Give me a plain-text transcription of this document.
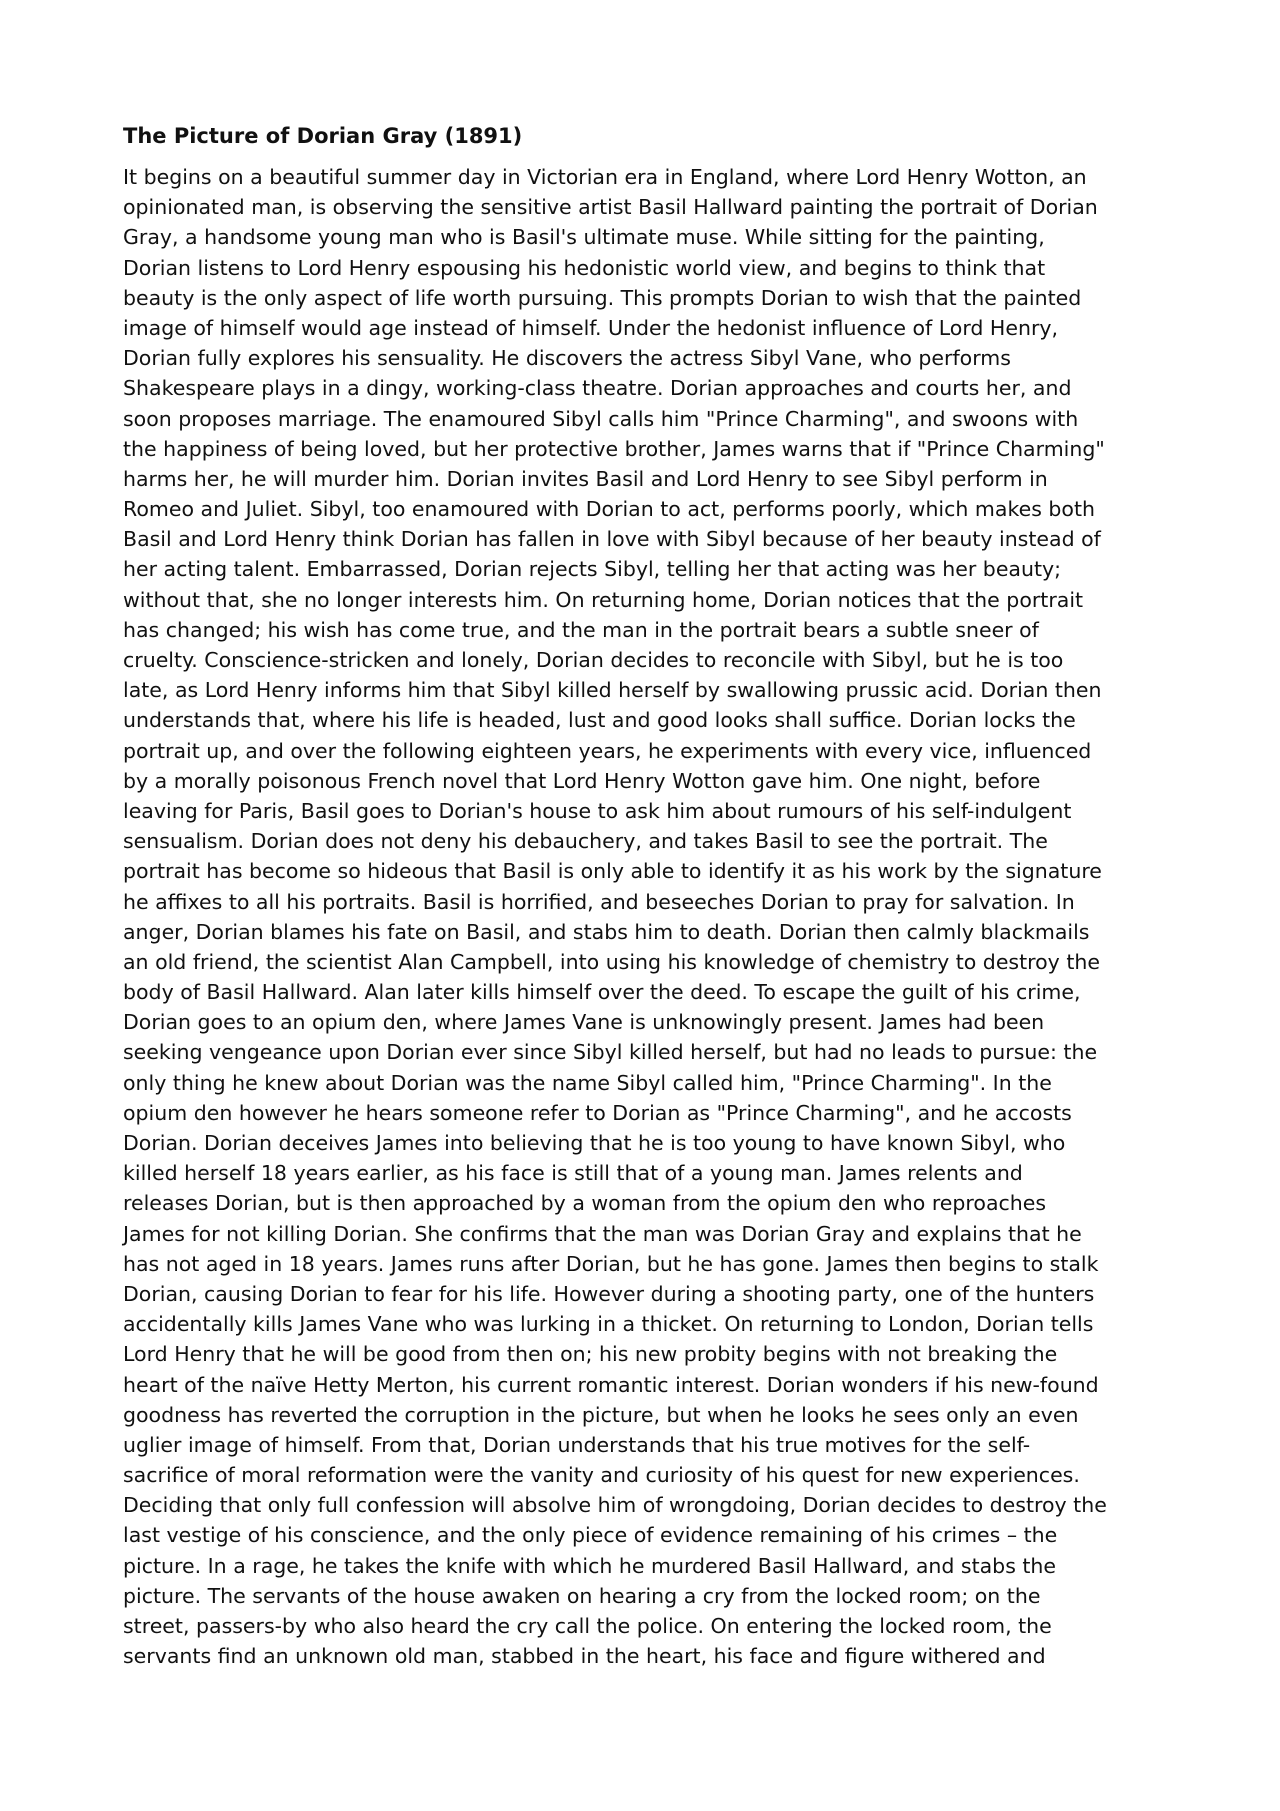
The Picture of Dorian Gray (1891)
It begins on a beautiful summer day in Victorian era in England, where Lord Henry Wotton, an
opinionated man, is observing the sensitive artist Basil Hallward painting the portrait of Dorian
Gray, a handsome young man who is Basil's ultimate muse. While sitting for the painting,
Dorian listens to Lord Henry espousing his hedonistic world view, and begins to think that
beauty is the only aspect of life worth pursuing. This prompts Dorian to wish that the painted
image of himself would age instead of himself. Under the hedonist influence of Lord Henry,
Dorian fully explores his sensuality. He discovers the actress Sibyl Vane, who performs
Shakespeare plays in a dingy, working-class theatre. Dorian approaches and courts her, and
soon proposes marriage. The enamoured Sibyl calls him "Prince Charming", and swoons with
the happiness of being loved, but her protective brother, James warns that if "Prince Charming"
harms her, he will murder him. Dorian invites Basil and Lord Henry to see Sibyl perform in
Romeo and Juliet. Sibyl, too enamoured with Dorian to act, performs poorly, which makes both
Basil and Lord Henry think Dorian has fallen in love with Sibyl because of her beauty instead of
her acting talent. Embarrassed, Dorian rejects Sibyl, telling her that acting was her beauty;
without that, she no longer interests him. On returning home, Dorian notices that the portrait
has changed; his wish has come true, and the man in the portrait bears a subtle sneer of
cruelty. Conscience-stricken and lonely, Dorian decides to reconcile with Sibyl, but he is too
late, as Lord Henry informs him that Sibyl killed herself by swallowing prussic acid. Dorian then
understands that, where his life is headed, lust and good looks shall suffice. Dorian locks the
portrait up, and over the following eighteen years, he experiments with every vice, influenced
by a morally poisonous French novel that Lord Henry Wotton gave him. One night, before
leaving for Paris, Basil goes to Dorian's house to ask him about rumours of his self-indulgent
sensualism. Dorian does not deny his debauchery, and takes Basil to see the portrait. The
portrait has become so hideous that Basil is only able to identify it as his work by the signature
he affixes to all his portraits. Basil is horrified, and beseeches Dorian to pray for salvation. In
anger, Dorian blames his fate on Basil, and stabs him to death. Dorian then calmly blackmails
an old friend, the scientist Alan Campbell, into using his knowledge of chemistry to destroy the
body of Basil Hallward. Alan later kills himself over the deed. To escape the guilt of his crime,
Dorian goes to an opium den, where James Vane is unknowingly present. James had been
seeking vengeance upon Dorian ever since Sibyl killed herself, but had no leads to pursue: the
only thing he knew about Dorian was the name Sibyl called him, "Prince Charming". In the
opium den however he hears someone refer to Dorian as "Prince Charming", and he accosts
Dorian. Dorian deceives James into believing that he is too young to have known Sibyl, who
killed herself 18 years earlier, as his face is still that of a young man. James relents and
releases Dorian, but is then approached by a woman from the opium den who reproaches
James for not killing Dorian. She confirms that the man was Dorian Gray and explains that he
has not aged in 18 years. James runs after Dorian, but he has gone. James then begins to stalk
Dorian, causing Dorian to fear for his life. However during a shooting party, one of the hunters
accidentally kills James Vane who was lurking in a thicket. On returning to London, Dorian tells
Lord Henry that he will be good from then on; his new probity begins with not breaking the
heart of the naïve Hetty Merton, his current romantic interest. Dorian wonders if his new-found
goodness has reverted the corruption in the picture, but when he looks he sees only an even
uglier image of himself. From that, Dorian understands that his true motives for the self-
sacrifice of moral reformation were the vanity and curiosity of his quest for new experiences.
Deciding that only full confession will absolve him of wrongdoing, Dorian decides to destroy the
last vestige of his conscience, and the only piece of evidence remaining of his crimes – the
picture. In a rage, he takes the knife with which he murdered Basil Hallward, and stabs the
picture. The servants of the house awaken on hearing a cry from the locked room; on the
street, passers-by who also heard the cry call the police. On entering the locked room, the
servants find an unknown old man, stabbed in the heart, his face and figure withered and
